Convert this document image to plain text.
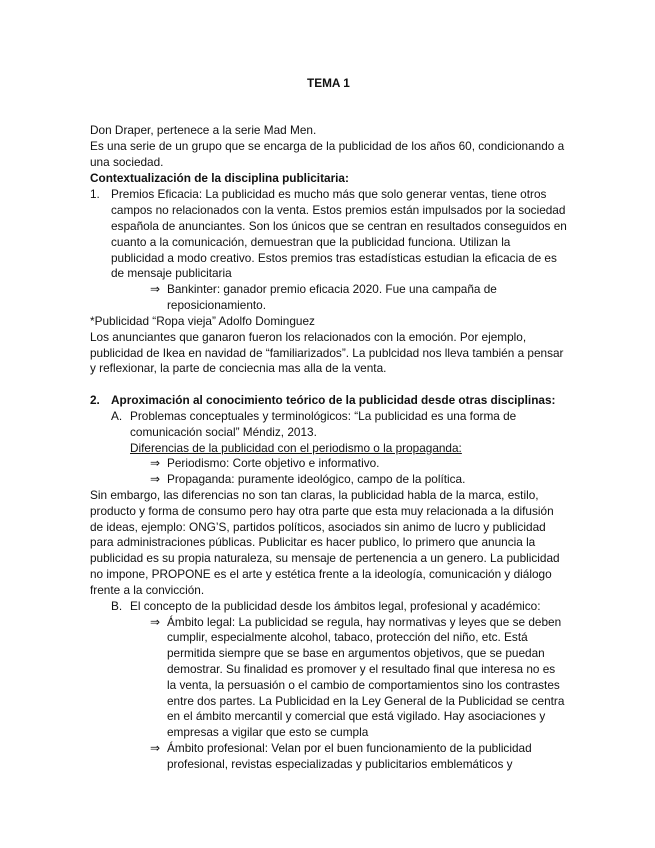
TEMA 1
Don Draper, pertenece a la serie Mad Men.
Es una serie de un grupo que se encarga de la publicidad de los años 60, condicionando a
una sociedad.
Contextualización de la disciplina publicitaria:
1. Premios Eficacia: La publicidad es mucho más que solo generar ventas, tiene otros
campos no relacionados con la venta. Estos premios están impulsados por la sociedad
española de anunciantes. Son los únicos que se centran en resultados conseguidos en
cuanto a la comunicación, demuestran que la publicidad funciona. Utilizan la
publicidad a modo creativo. Estos premios tras estadísticas estudian la eficacia de es
de mensaje publicitaria
⇒ Bankinter: ganador premio eficacia 2020. Fue una campaña de
reposicionamiento.
*Publicidad “Ropa vieja” Adolfo Dominguez
Los anunciantes que ganaron fueron los relacionados con la emoción. Por ejemplo,
publicidad de Ikea en navidad de “familiarizados”. La publcidad nos lleva también a pensar
y reflexionar, la parte de conciecnia mas alla de la venta.
2. Aproximación al conocimiento teórico de la publicidad desde otras disciplinas:
A. Problemas conceptuales y terminológicos: “La publicidad es una forma de
comunicación social” Méndiz, 2013.
Diferencias de la publicidad con el periodismo o la propaganda:
⇒ Periodismo: Corte objetivo e informativo.
⇒ Propaganda: puramente ideológico, campo de la política.
Sin embargo, las diferencias no son tan claras, la publicidad habla de la marca, estilo,
producto y forma de consumo pero hay otra parte que esta muy relacionada a la difusión
de ideas, ejemplo: ONG’S, partidos políticos, asociados sin animo de lucro y publicidad
para administraciones públicas. Publicitar es hacer publico, lo primero que anuncia la
publicidad es su propia naturaleza, su mensaje de pertenencia a un genero. La publicidad
no impone, PROPONE es el arte y estética frente a la ideología, comunicación y diálogo
frente a la convicción.
B. El concepto de la publicidad desde los ámbitos legal, profesional y académico:
⇒ Ámbito legal: La publicidad se regula, hay normativas y leyes que se deben
cumplir, especialmente alcohol, tabaco, protección del niño, etc. Está
permitida siempre que se base en argumentos objetivos, que se puedan
demostrar. Su finalidad es promover y el resultado final que interesa no es
la venta, la persuasión o el cambio de comportamientos sino los contrastes
entre dos partes. La Publicidad en la Ley General de la Publicidad se centra
en el ámbito mercantil y comercial que está vigilado. Hay asociaciones y
empresas a vigilar que esto se cumpla
⇒ Ámbito profesional: Velan por el buen funcionamiento de la publicidad
profesional, revistas especializadas y publicitarios emblemáticos y
